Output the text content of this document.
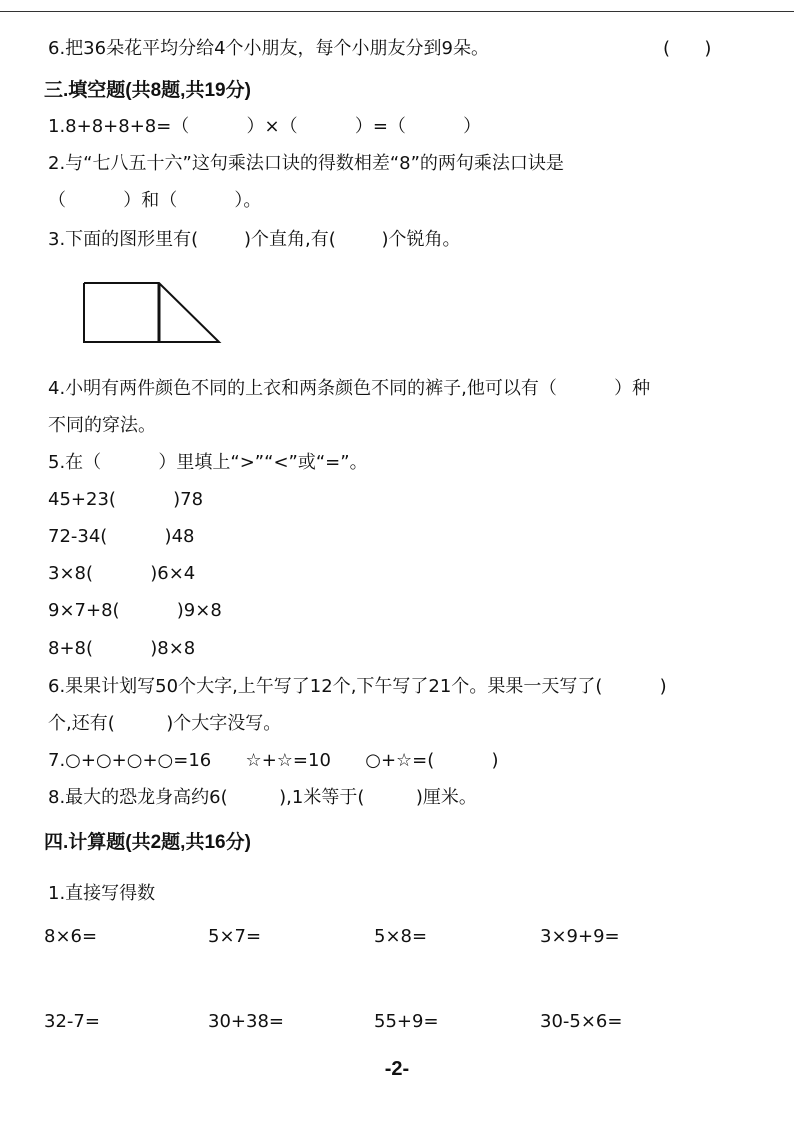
6.把36朵花平均分给4个小朋友，每个小朋友分到9朵。	(      )
三.填空题(共8题,共19分)
1.8+8+8+8=（          ）×（          ）=（          ）
2.与“七八五十六”这句乘法口诀的得数相差“8”的两句乘法口诀是
（          ）和（          ）。
3.下面的图形里有(        )个直角,有(        )个锐角。
4.小明有两件颜色不同的上衣和两条颜色不同的裤子,他可以有（          ）种
不同的穿法。
5.在（          ）里填上“>”“<”或“=”。
45+23(          )78
72-34(          )48
3×8(          )6×4
9×7+8(          )9×8
8+8(          )8×8
6.果果计划写50个大字,上午写了12个,下午写了21个。果果一天写了(          )
个,还有(         )个大字没写。
7.○+○+○+○=16      ☆+☆=10      ○+☆=(          )
8.最大的恐龙身高约6(         ),1米等于(         )厘米。
四.计算题(共2题,共16分)
1.直接写得数
8×6=	5×7=	5×8=	3×9+9=
32-7=	30+38=	55+9=	30-5×6=
-2-
